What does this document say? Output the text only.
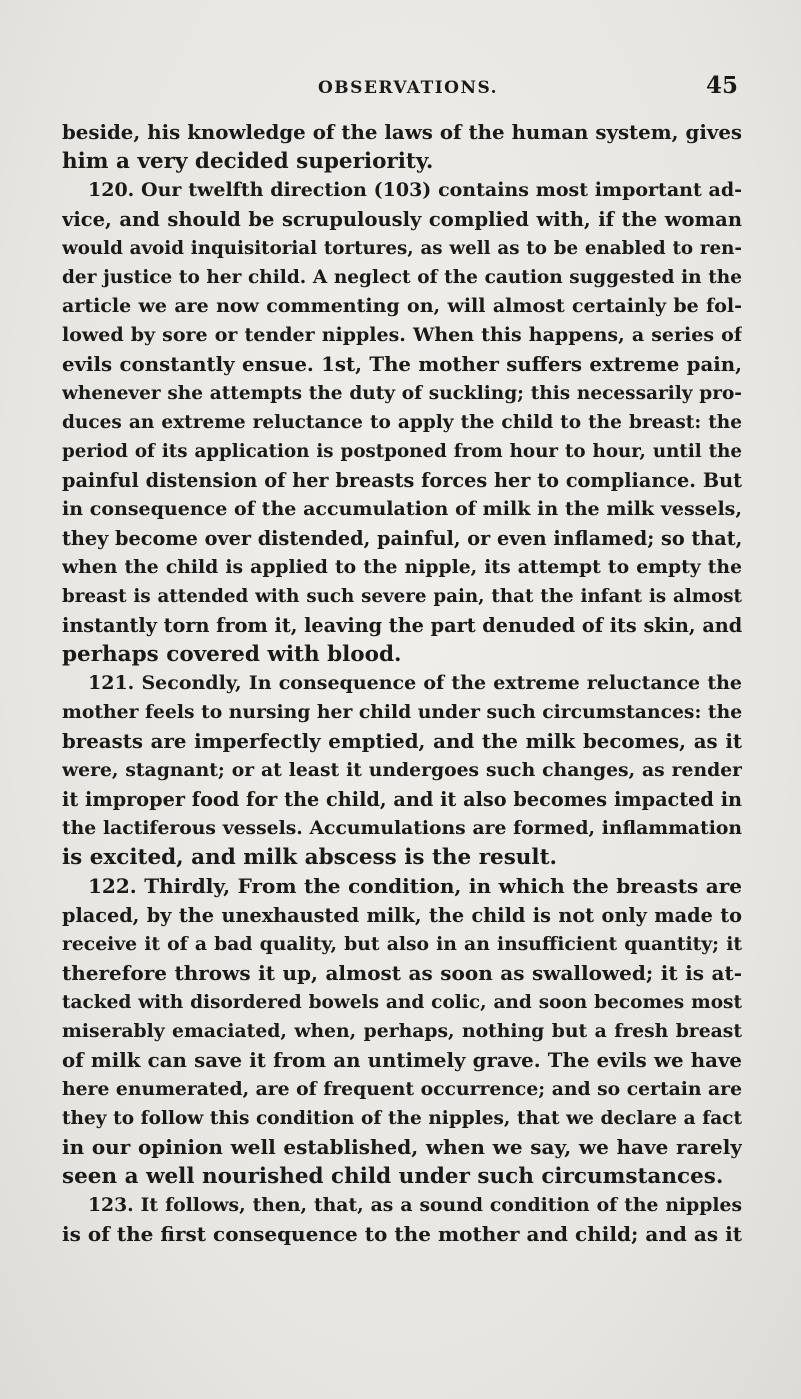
OBSERVATIONS.	45
beside, his knowledge of the laws of the human system, gives
him a very decided superiority.
120. Our twelfth direction (103) contains most important ad-
vice, and should be scrupulously complied with, if the woman
would avoid inquisitorial tortures, as well as to be enabled to ren-
der justice to her child. A neglect of the caution suggested in the
article we are now commenting on, will almost certainly be fol-
lowed by sore or tender nipples. When this happens, a series of
evils constantly ensue. 1st, The mother suffers extreme pain,
whenever she attempts the duty of suckling; this necessarily pro-
duces an extreme reluctance to apply the child to the breast: the
period of its application is postponed from hour to hour, until the
painful distension of her breasts forces her to compliance. But
in consequence of the accumulation of milk in the milk vessels,
they become over distended, painful, or even inflamed; so that,
when the child is applied to the nipple, its attempt to empty the
breast is attended with such severe pain, that the infant is almost
instantly torn from it, leaving the part denuded of its skin, and
perhaps covered with blood.
121. Secondly, In consequence of the extreme reluctance the
mother feels to nursing her child under such circumstances: the
breasts are imperfectly emptied, and the milk becomes, as it
were, stagnant; or at least it undergoes such changes, as render
it improper food for the child, and it also becomes impacted in
the lactiferous vessels. Accumulations are formed, inflammation
is excited, and milk abscess is the result.
122. Thirdly, From the condition, in which the breasts are
placed, by the unexhausted milk, the child is not only made to
receive it of a bad quality, but also in an insufficient quantity; it
therefore throws it up, almost as soon as swallowed; it is at-
tacked with disordered bowels and colic, and soon becomes most
miserably emaciated, when, perhaps, nothing but a fresh breast
of milk can save it from an untimely grave. The evils we have
here enumerated, are of frequent occurrence; and so certain are
they to follow this condition of the nipples, that we declare a fact
in our opinion well established, when we say, we have rarely
seen a well nourished child under such circumstances.
123. It follows, then, that, as a sound condition of the nipples
is of the first consequence to the mother and child; and as it
